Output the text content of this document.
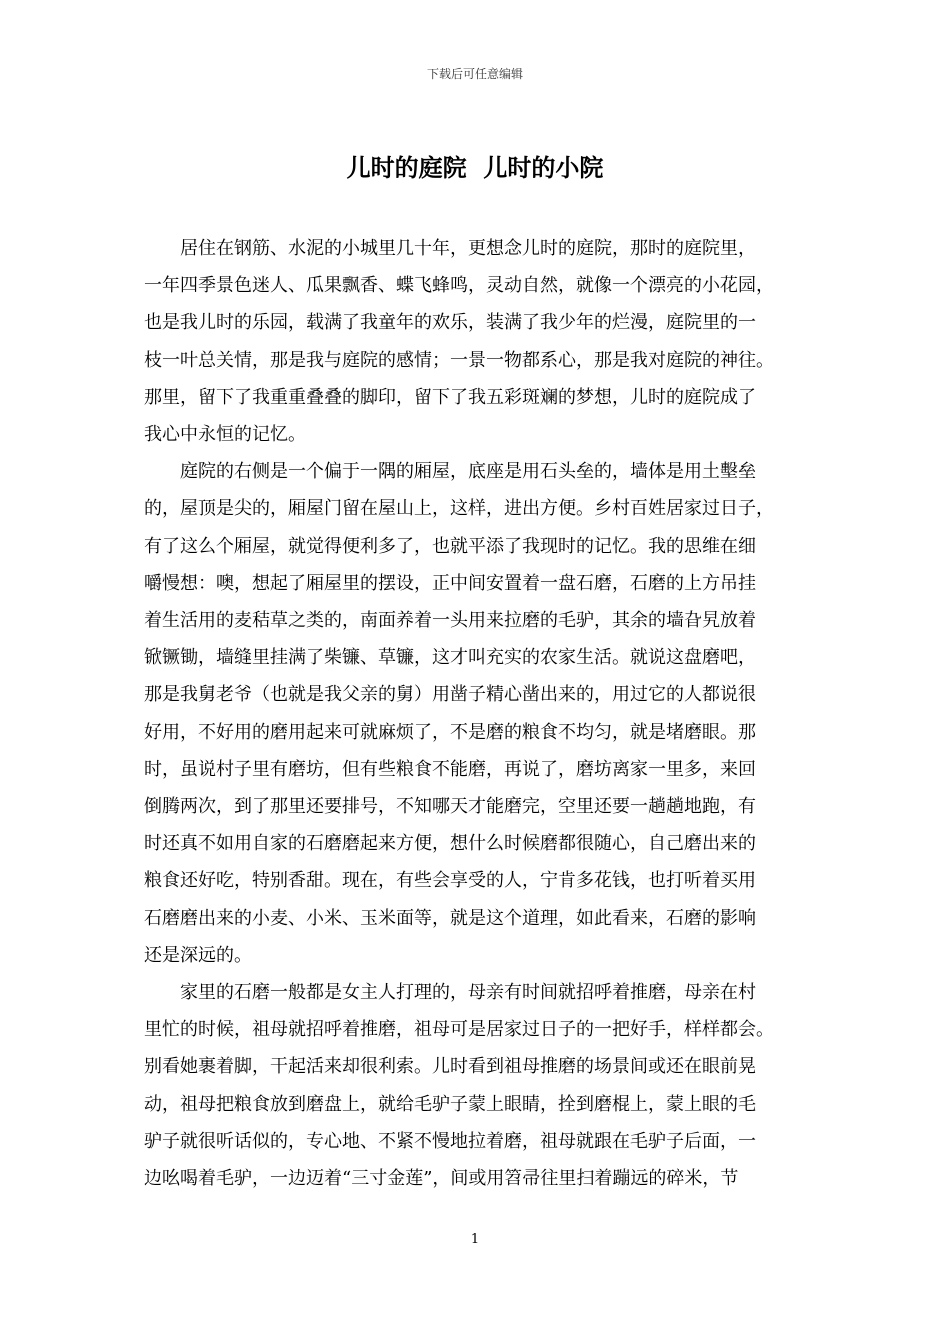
下载后可任意编辑
儿时的庭院  儿时的小院

居住在钢筋、水泥的小城里几十年，更想念儿时的庭院，那时的庭院里，
一年四季景色迷人、瓜果飘香、蝶飞蜂鸣，灵动自然，就像一个漂亮的小花园，
也是我儿时的乐园，载满了我童年的欢乐，装满了我少年的烂漫，庭院里的一
枝一叶总关情，那是我与庭院的感情；一景一物都系心，那是我对庭院的神往。
那里，留下了我重重叠叠的脚印，留下了我五彩斑斓的梦想，儿时的庭院成了
我心中永恒的记忆。

庭院的右侧是一个偏于一隅的厢屋，底座是用石头垒的，墙体是用土墼垒
的，屋顶是尖的，厢屋门留在屋山上，这样，进出方便。乡村百姓居家过日子，
有了这么个厢屋，就觉得便利多了，也就平添了我现时的记忆。我的思维在细
嚼慢想：噢，想起了厢屋里的摆设，正中间安置着一盘石磨，石磨的上方吊挂
着生活用的麦秸草之类的，南面养着一头用来拉磨的毛驴，其余的墙旮旯放着
锨镢锄，墙缝里挂满了柴镰、草镰，这才叫充实的农家生活。就说这盘磨吧，
那是我舅老爷（也就是我父亲的舅）用凿子精心凿出来的，用过它的人都说很
好用，不好用的磨用起来可就麻烦了，不是磨的粮食不均匀，就是堵磨眼。那
时，虽说村子里有磨坊，但有些粮食不能磨，再说了，磨坊离家一里多，来回
倒腾两次，到了那里还要排号，不知哪天才能磨完，空里还要一趟趟地跑，有
时还真不如用自家的石磨磨起来方便，想什么时候磨都很随心，自己磨出来的
粮食还好吃，特别香甜。现在，有些会享受的人，宁肯多花钱，也打听着买用
石磨磨出来的小麦、小米、玉米面等，就是这个道理，如此看来，石磨的影响
还是深远的。

家里的石磨一般都是女主人打理的，母亲有时间就招呼着推磨，母亲在村
里忙的时候，祖母就招呼着推磨，祖母可是居家过日子的一把好手，样样都会。
别看她裹着脚，干起活来却很利索。儿时看到祖母推磨的场景间或还在眼前晃
动，祖母把粮食放到磨盘上，就给毛驴子蒙上眼睛，拴到磨棍上，蒙上眼的毛
驴子就很听话似的，专心地、不紧不慢地拉着磨，祖母就跟在毛驴子后面，一
边吆喝着毛驴，一边迈着“三寸金莲”，间或用笤帚往里扫着蹦远的碎米，节

1
